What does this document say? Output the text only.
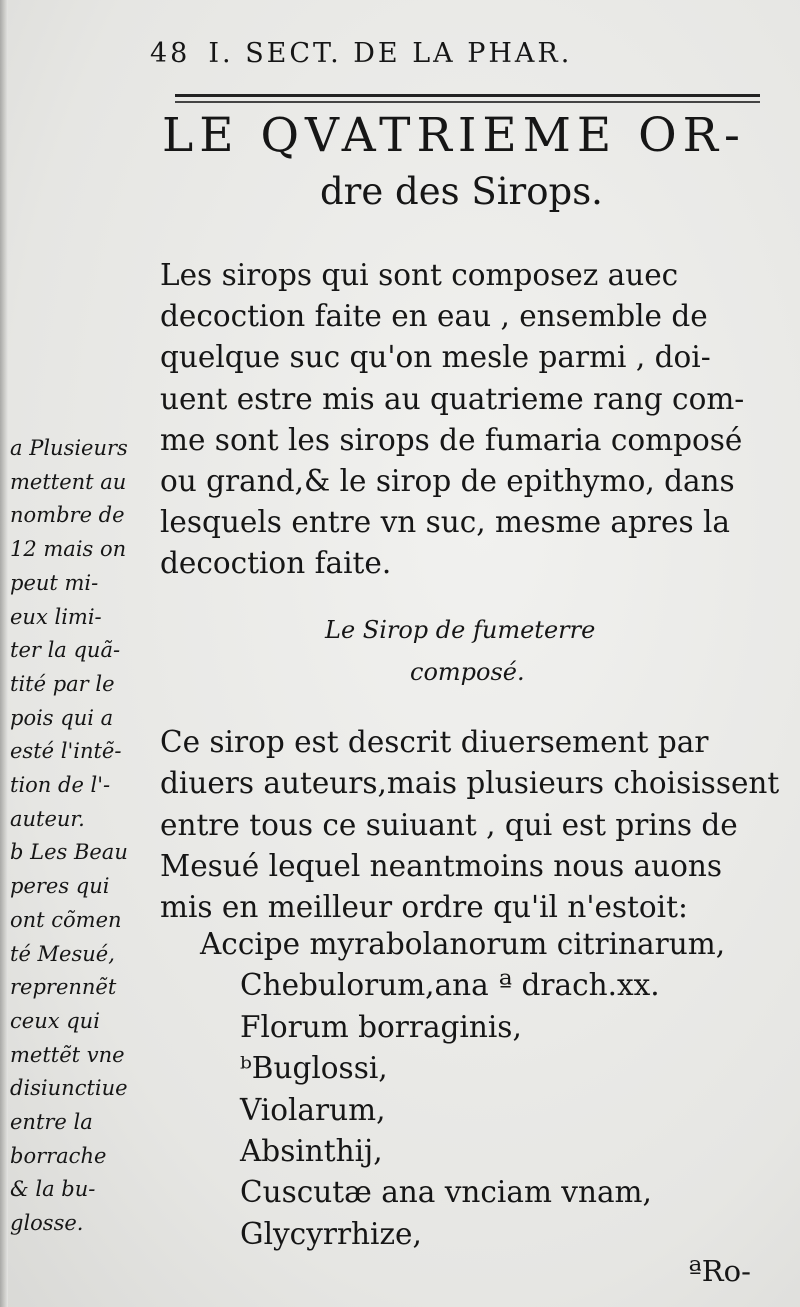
48 I. SECT. DE LA PHAR.
LE QVATRIEME OR-
dre des Sirops.
Les sirops qui sont composez auec
decoction faite en eau , ensemble de
quelque suc qu'on mesle parmi , doi-
uent estre mis au quatrieme rang com-
me sont les sirops de fumaria composé
ou grand,& le sirop de epithymo, dans
lesquels entre vn suc, mesme apres la
decoction faite.
Le Sirop de fumeterre
composé.
Ce sirop est descrit diuersement par
diuers auteurs,mais plusieurs choisissent
entre tous ce suiuant , qui est prins de
Mesué lequel neantmoins nous auons
mis en meilleur ordre qu'il n'estoit:
Accipe myrabolanorum citrinarum,
Chebulorum,ana ª drach.xx.
Florum borraginis,
ᵇBuglossi,
Violarum,
Absinthij,
Cuscutæ ana vnciam vnam,
Glycyrrhize,
ªRo-
a Plusieurs
mettent au
nombre de
12 mais on
peut mi-
eux limi-
ter la quã-
tité par le
pois qui a
esté l'intẽ-
tion de l'-
auteur.
b Les Beau
peres qui
ont cõmen
té Mesué,
reprennẽt
ceux qui
mettẽt vne
disiunctiue
entre la
borrache
& la bu-
glosse.
